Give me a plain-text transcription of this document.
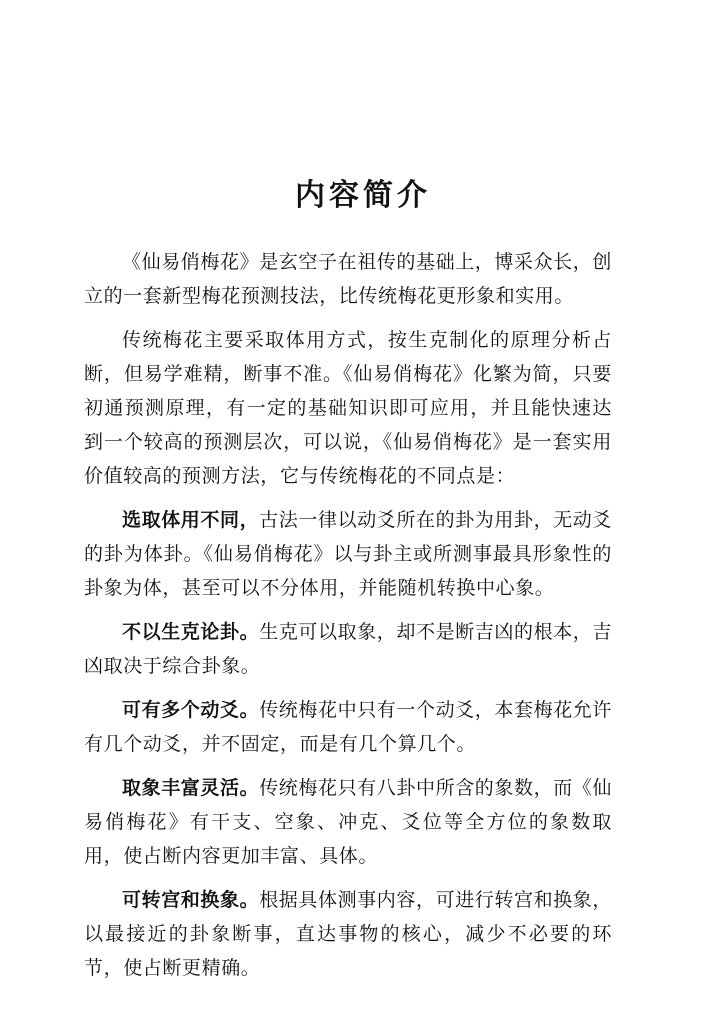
内容简介

《仙易俏梅花》是玄空子在祖传的基础上，博采众长，创立的一套新型梅花预测技法，比传统梅花更形象和实用。

传统梅花主要采取体用方式，按生克制化的原理分析占断，但易学难精，断事不准。《仙易俏梅花》化繁为简，只要初通预测原理，有一定的基础知识即可应用，并且能快速达到一个较高的预测层次，可以说，《仙易俏梅花》是一套实用价值较高的预测方法，它与传统梅花的不同点是：

选取体用不同，古法一律以动爻所在的卦为用卦，无动爻的卦为体卦。《仙易俏梅花》以与卦主或所测事最具形象性的卦象为体，甚至可以不分体用，并能随机转换中心象。

不以生克论卦。生克可以取象，却不是断吉凶的根本，吉凶取决于综合卦象。

可有多个动爻。传统梅花中只有一个动爻，本套梅花允许有几个动爻，并不固定，而是有几个算几个。

取象丰富灵活。传统梅花只有八卦中所含的象数，而《仙易俏梅花》有干支、空象、冲克、爻位等全方位的象数取用，使占断内容更加丰富、具体。

可转宫和换象。根据具体测事内容，可进行转宫和换象，以最接近的卦象断事，直达事物的核心，减少不必要的环节，使占断更精确。
